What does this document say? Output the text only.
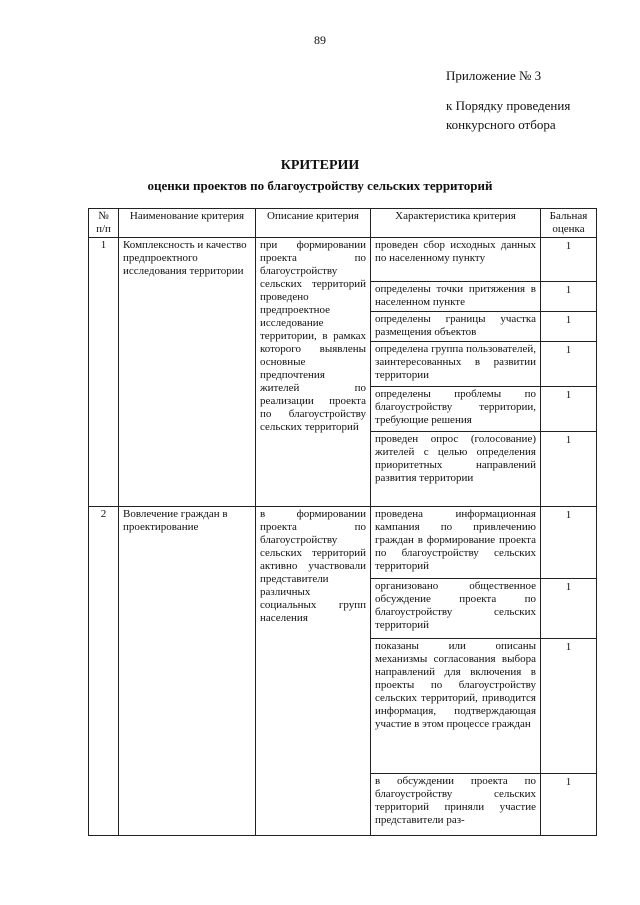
89
Приложение № 3
к Порядку проведения
конкурсного отбора
КРИТЕРИИ
оценки проектов по благоустройству сельских территорий
№ п/п	Наименование критерия	Описание критерия	Характеристика критерия	Бальная оценка
1	Комплексность и качество предпроектного исследования территории	при формировании проекта по благоустройству сельских территорий проведено предпроектное исследование территории, в рамках которого выявлены основные предпочтения жителей по реализации проекта по благоустройству сельских территорий	проведен сбор исходных данных по населенному пункту	1
			определены точки притяжения в населенном пункте	1
			определены границы участка размещения объектов	1
			определена группа пользователей, заинтересованных в развитии территории	1
			определены проблемы по благоустройству территории, требующие решения	1
			проведен опрос (голосование) жителей с целью определения приоритетных направлений развития территории	1
2	Вовлечение граждан в проектирование	в формировании проекта по благоустройству сельских территорий активно участвовали представители различных социальных групп населения	проведена информационная кампания по привлечению граждан в формирование проекта по благоустройству сельских территорий	1
			организовано общественное обсуждение проекта по благоустройству сельских территорий	1
			показаны или описаны механизмы согласования выбора направлений для включения в проекты по благоустройству сельских территорий, приводится информация, подтверждающая участие в этом процессе граждан	1
			в обсуждении проекта по благоустройству сельских территорий приняли участие представители раз-	1
